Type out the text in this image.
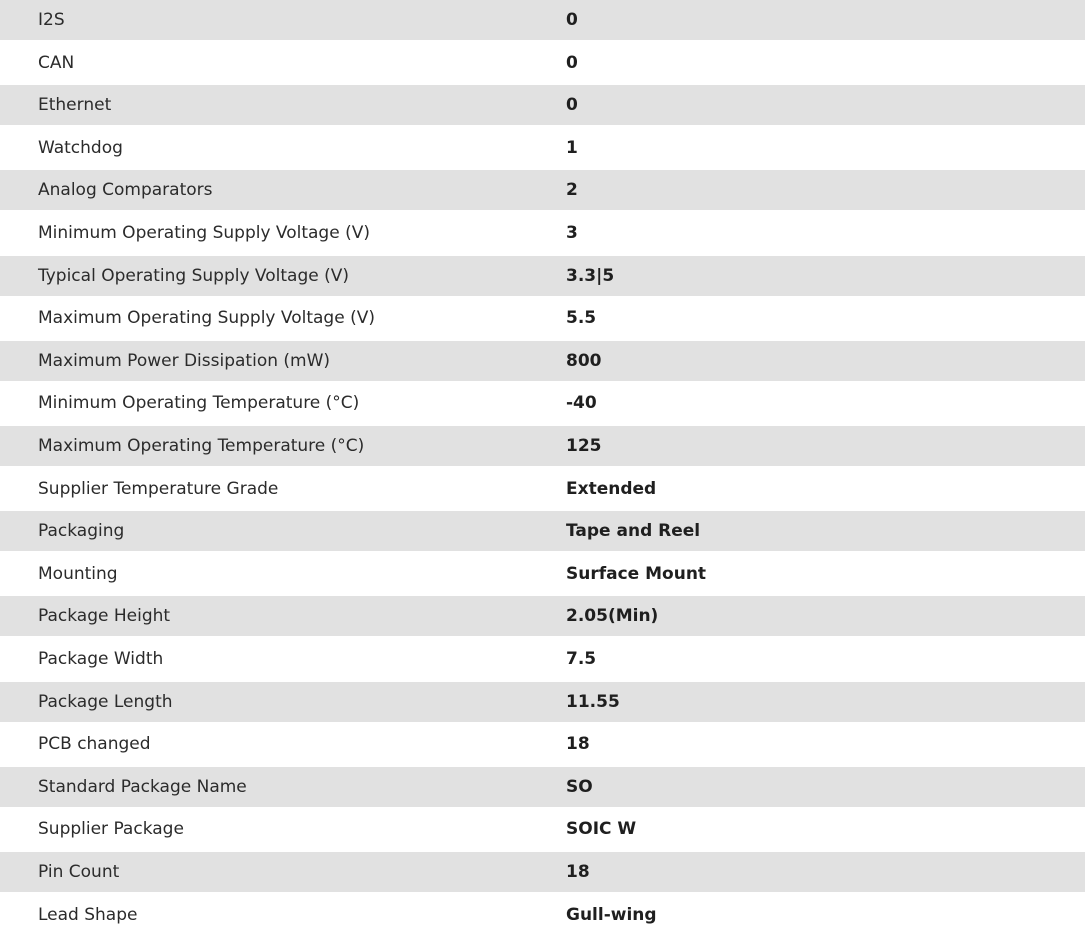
I2S	0
CAN	0
Ethernet	0
Watchdog	1
Analog Comparators	2
Minimum Operating Supply Voltage (V)	3
Typical Operating Supply Voltage (V)	3.3|5
Maximum Operating Supply Voltage (V)	5.5
Maximum Power Dissipation (mW)	800
Minimum Operating Temperature (°C)	-40
Maximum Operating Temperature (°C)	125
Supplier Temperature Grade	Extended
Packaging	Tape and Reel
Mounting	Surface Mount
Package Height	2.05(Min)
Package Width	7.5
Package Length	11.55
PCB changed	18
Standard Package Name	SO
Supplier Package	SOIC W
Pin Count	18
Lead Shape	Gull-wing
